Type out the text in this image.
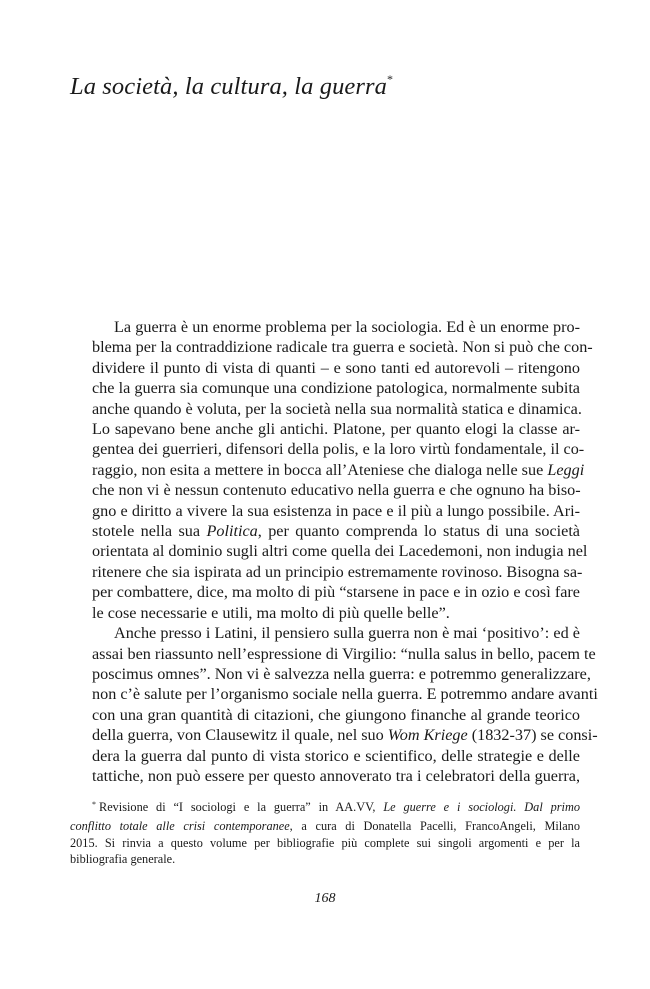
La società, la cultura, la guerra*

La guerra è un enorme problema per la sociologia. Ed è un enorme pro-
blema per la contraddizione radicale tra guerra e società. Non si può che con-
dividere il punto di vista di quanti – e sono tanti ed autorevoli – ritengono
che la guerra sia comunque una condizione patologica, normalmente subita
anche quando è voluta, per la società nella sua normalità statica e dinamica.
Lo sapevano bene anche gli antichi. Platone, per quanto elogi la classe ar-
gentea dei guerrieri, difensori della polis, e la loro virtù fondamentale, il co-
raggio, non esita a mettere in bocca all’Ateniese che dialoga nelle sue Leggi
che non vi è nessun contenuto educativo nella guerra e che ognuno ha biso-
gno e diritto a vivere la sua esistenza in pace e il più a lungo possibile. Ari-
stotele nella sua Politica, per quanto comprenda lo status di una società
orientata al dominio sugli altri come quella dei Lacedemoni, non indugia nel
ritenere che sia ispirata ad un principio estremamente rovinoso. Bisogna sa-
per combattere, dice, ma molto di più “starsene in pace e in ozio e così fare
le cose necessarie e utili, ma molto di più quelle belle”.

Anche presso i Latini, il pensiero sulla guerra non è mai ‘positivo’: ed è
assai ben riassunto nell’espressione di Virgilio: “nulla salus in bello, pacem te
poscimus omnes”. Non vi è salvezza nella guerra: e potremmo generalizzare,
non c’è salute per l’organismo sociale nella guerra. E potremmo andare avanti
con una gran quantità di citazioni, che giungono finanche al grande teorico
della guerra, von Clausewitz il quale, nel suo Wom Kriege (1832-37) se consi-
dera la guerra dal punto di vista storico e scientifico, delle strategie e delle
tattiche, non può essere per questo annoverato tra i celebratori della guerra,

* Revisione di “I sociologi e la guerra” in AA.VV, Le guerre e i sociologi. Dal primo
conflitto totale alle crisi contemporanee, a cura di Donatella Pacelli, FrancoAngeli, Milano
2015. Si rinvia a questo volume per bibliografie più complete sui singoli argomenti e per la
bibliografia generale.
168
